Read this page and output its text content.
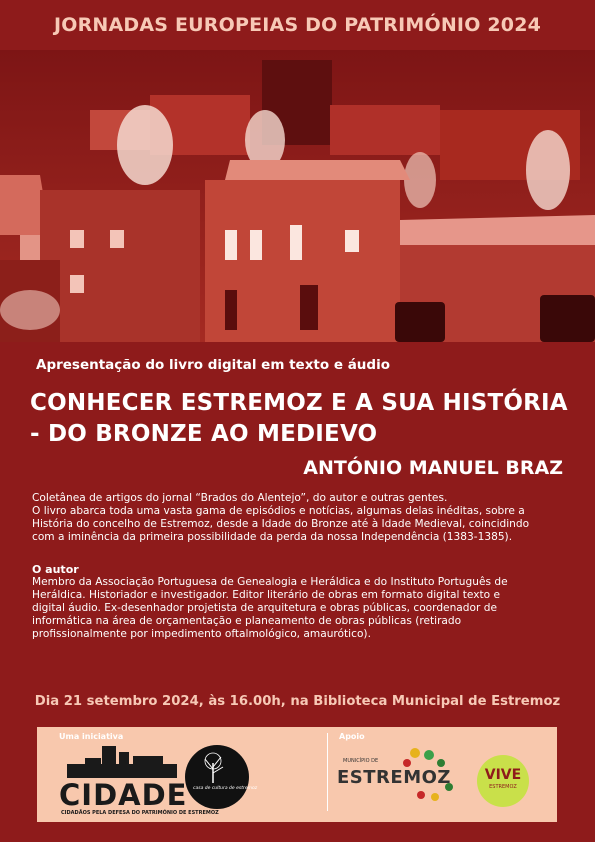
JORNADAS EUROPEIAS DO PATRIMÓNIO 2024
Apresentação do livro digital em texto e áudio
CONHECER ESTREMOZ E A SUA HISTÓRIA
- DO BRONZE AO MEDIEVO
ANTÓNIO MANUEL BRAZ
Coletânea de artigos do jornal “Brados do Alentejo”, do autor e outras gentes.
O livro abarca toda uma vasta gama de episódios e notícias, algumas delas inéditas, sobre a
História do concelho de Estremoz, desde a Idade do Bronze até à Idade Medieval, coincidindo
com a iminência da primeira possibilidade da perda da nossa Independência (1383-1385).
O autor
Membro da Associação Portuguesa de Genealogia e Heráldica e do Instituto Português de
Heráldica. Historiador e investigador. Editor literário de obras em formato digital texto e
digital áudio. Ex-desenhador projetista de arquitetura e obras públicas, coordenador de
informática na área de orçamentação e planeamento de obras públicas (retirado
profissionalmente por impedimento oftalmológico, amaurótico).
Dia 21 setembro 2024, às 16.00h, na Biblioteca Municipal de Estremoz
Uma iniciativa	Apoio
CIDADE
CIDADÃOS PELA DEFESA DO PATRIMÓNIO DE ESTREMOZ
casa de cultura de estremoz
MUNICÍPIO DE
ESTREMOZ	VIVE
ESTREMOZ
